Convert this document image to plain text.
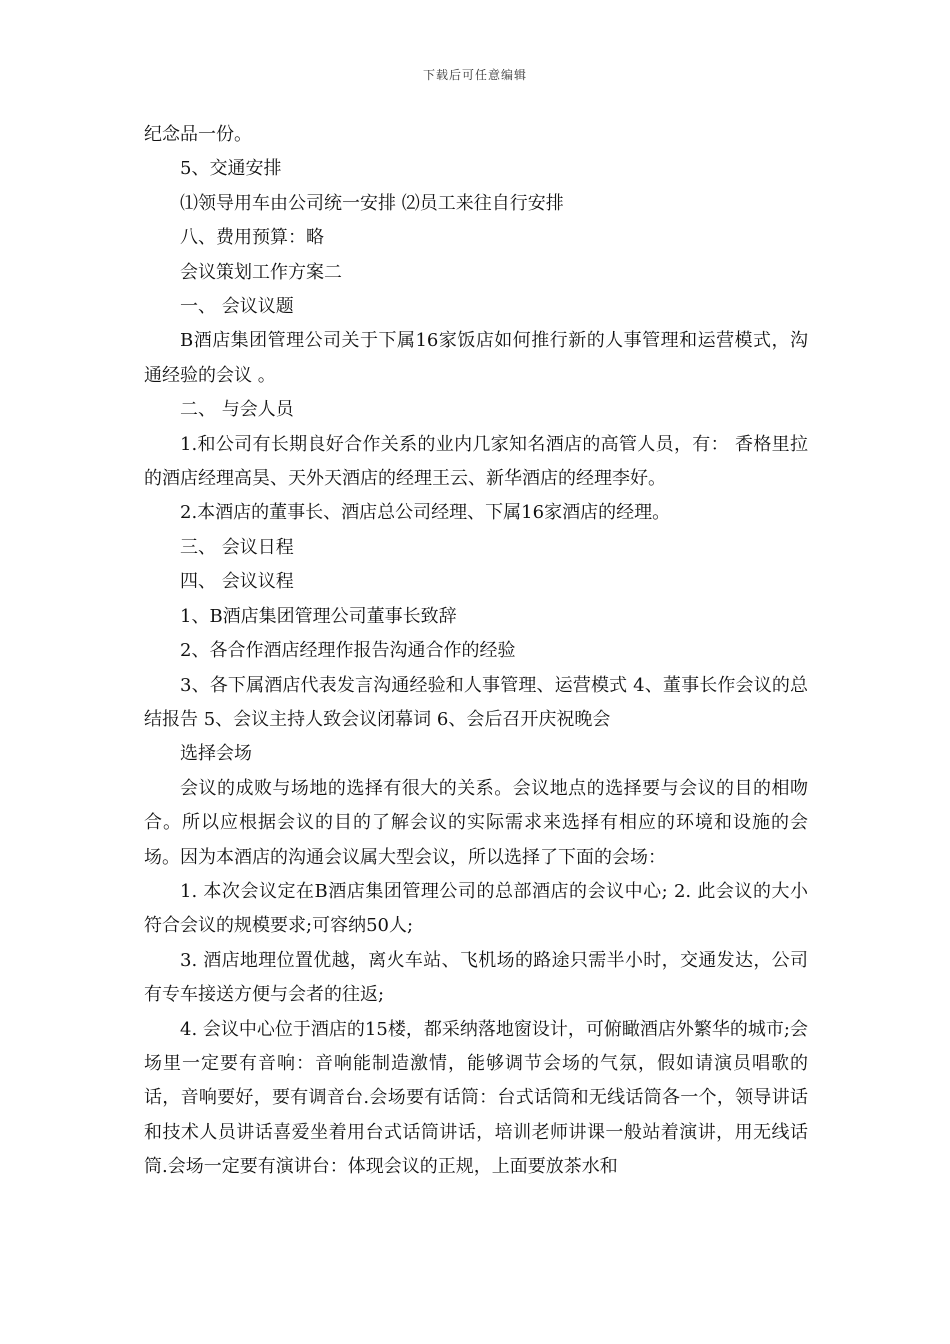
下载后可任意编辑

纪念品一份。

5、交通安排

⑴领导用车由公司统一安排 ⑵员工来往自行安排

八、费用预算：略

会议策划工作方案二

一、 会议议题

B酒店集团管理公司关于下属16家饭店如何推行新的人事管理和运营模式，沟通经验的会议 。

二、 与会人员

1.和公司有长期良好合作关系的业内几家知名酒店的高管人员，有： 香格里拉的酒店经理高昊、天外天酒店的经理王云、新华酒店的经理李好。

2.本酒店的董事长、酒店总公司经理、下属16家酒店的经理。

三、 会议日程

四、 会议议程

1、B酒店集团管理公司董事长致辞

2、各合作酒店经理作报告沟通合作的经验

3、各下属酒店代表发言沟通经验和人事管理、运营模式 4、董事长作会议的总结报告 5、会议主持人致会议闭幕词 6、会后召开庆祝晚会

选择会场

会议的成败与场地的选择有很大的关系。会议地点的选择要与会议的目的相吻合。所以应根据会议的目的了解会议的实际需求来选择有相应的环境和设施的会场。因为本酒店的沟通会议属大型会议，所以选择了下面的会场：

1. 本次会议定在B酒店集团管理公司的总部酒店的会议中心; 2. 此会议的大小符合会议的规模要求;可容纳50人;

3. 酒店地理位置优越，离火车站、飞机场的路途只需半小时，交通发达，公司有专车接送方便与会者的往返;

4. 会议中心位于酒店的15楼，都采纳落地窗设计，可俯瞰酒店外繁华的城市;会场里一定要有音响：音响能制造激情，能够调节会场的气氛，假如请演员唱歌的话，音响要好，要有调音台.会场要有话筒：台式话筒和无线话筒各一个，领导讲话和技术人员讲话喜爱坐着用台式话筒讲话，培训老师讲课一般站着演讲，用无线话筒.会场一定要有演讲台：体现会议的正规，上面要放茶水和
